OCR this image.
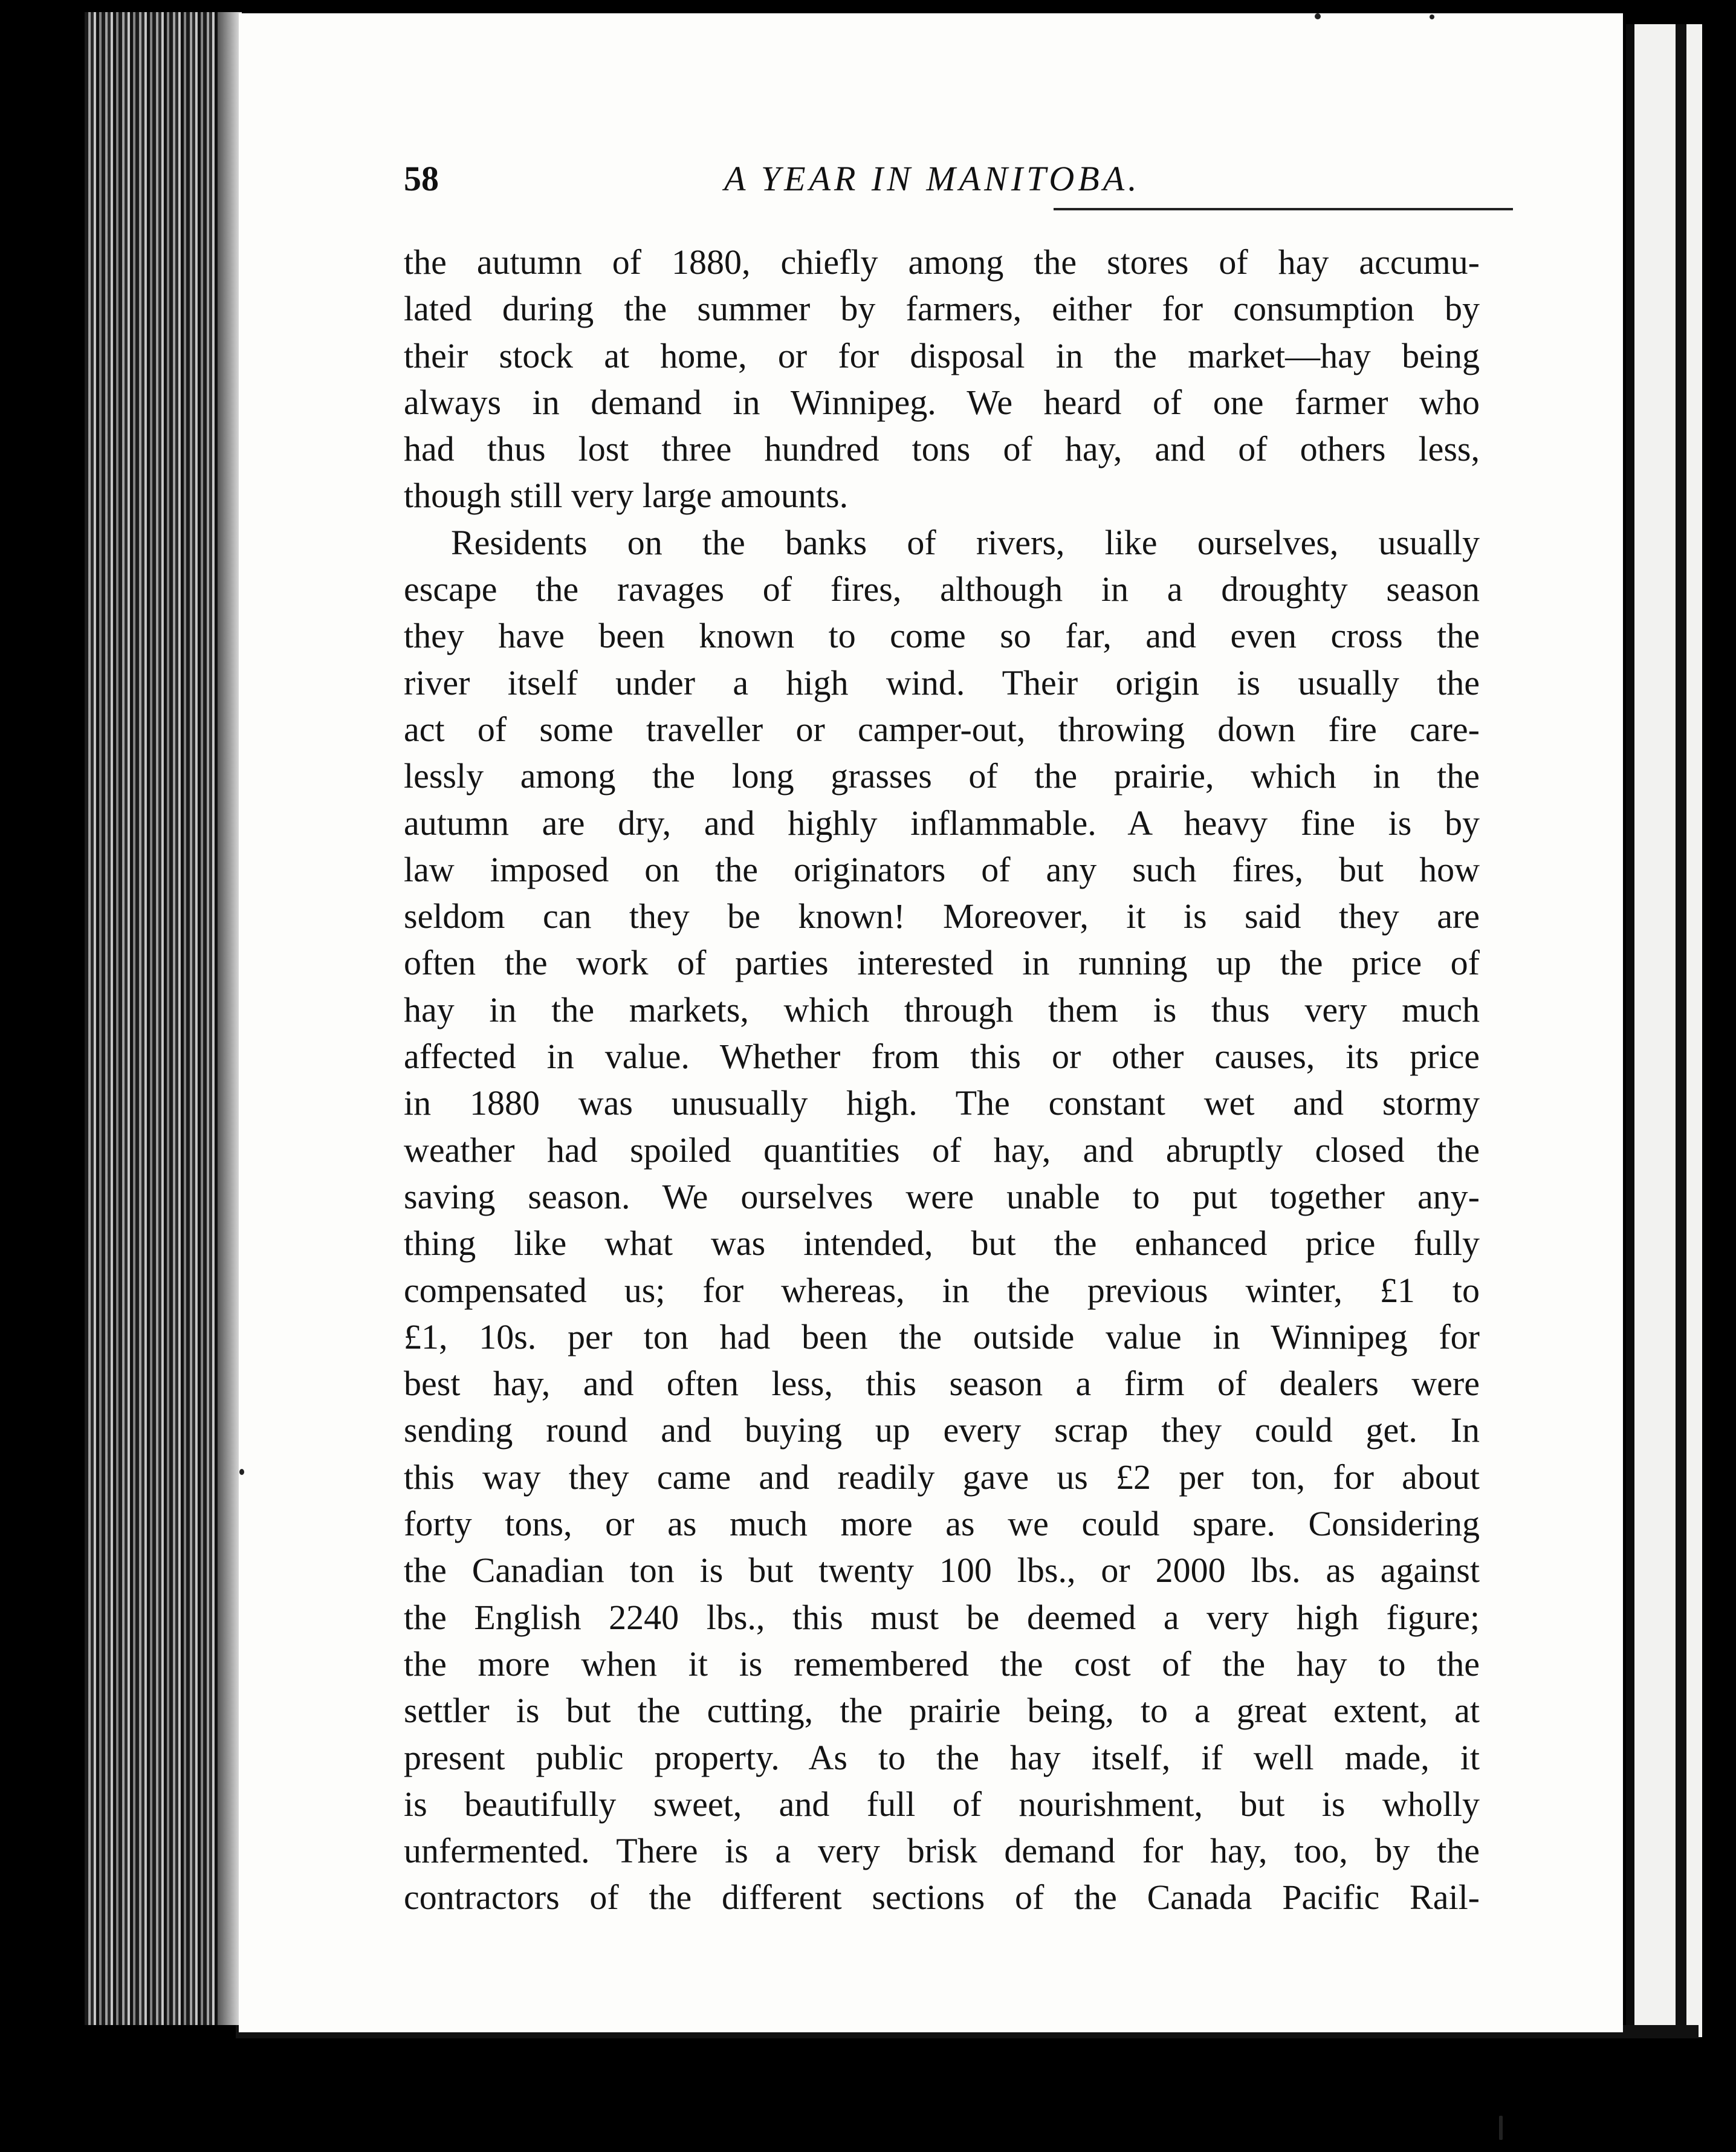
58	A YEAR IN MANITOBA.
the autumn of 1880, chiefly among the stores of hay accumu-
lated during the summer by farmers, either for consumption by
their stock at home, or for disposal in the market—hay being
always in demand in Winnipeg. We heard of one farmer who
had thus lost three hundred tons of hay, and of others less,
though still very large amounts.
Residents on the banks of rivers, like ourselves, usually
escape the ravages of fires, although in a droughty season
they have been known to come so far, and even cross the
river itself under a high wind. Their origin is usually the
act of some traveller or camper-out, throwing down fire care-
lessly among the long grasses of the prairie, which in the
autumn are dry, and highly inflammable. A heavy fine is by
law imposed on the originators of any such fires, but how
seldom can they be known! Moreover, it is said they are
often the work of parties interested in running up the price of
hay in the markets, which through them is thus very much
affected in value. Whether from this or other causes, its price
in 1880 was unusually high. The constant wet and stormy
weather had spoiled quantities of hay, and abruptly closed the
saving season. We ourselves were unable to put together any-
thing like what was intended, but the enhanced price fully
compensated us; for whereas, in the previous winter, £1 to
£1, 10s. per ton had been the outside value in Winnipeg for
best hay, and often less, this season a firm of dealers were
sending round and buying up every scrap they could get. In
this way they came and readily gave us £2 per ton, for about
forty tons, or as much more as we could spare. Considering
the Canadian ton is but twenty 100 lbs., or 2000 lbs. as against
the English 2240 lbs., this must be deemed a very high figure;
the more when it is remembered the cost of the hay to the
settler is but the cutting, the prairie being, to a great extent, at
present public property. As to the hay itself, if well made, it
is beautifully sweet, and full of nourishment, but is wholly
unfermented. There is a very brisk demand for hay, too, by the
contractors of the different sections of the Canada Pacific Rail-
